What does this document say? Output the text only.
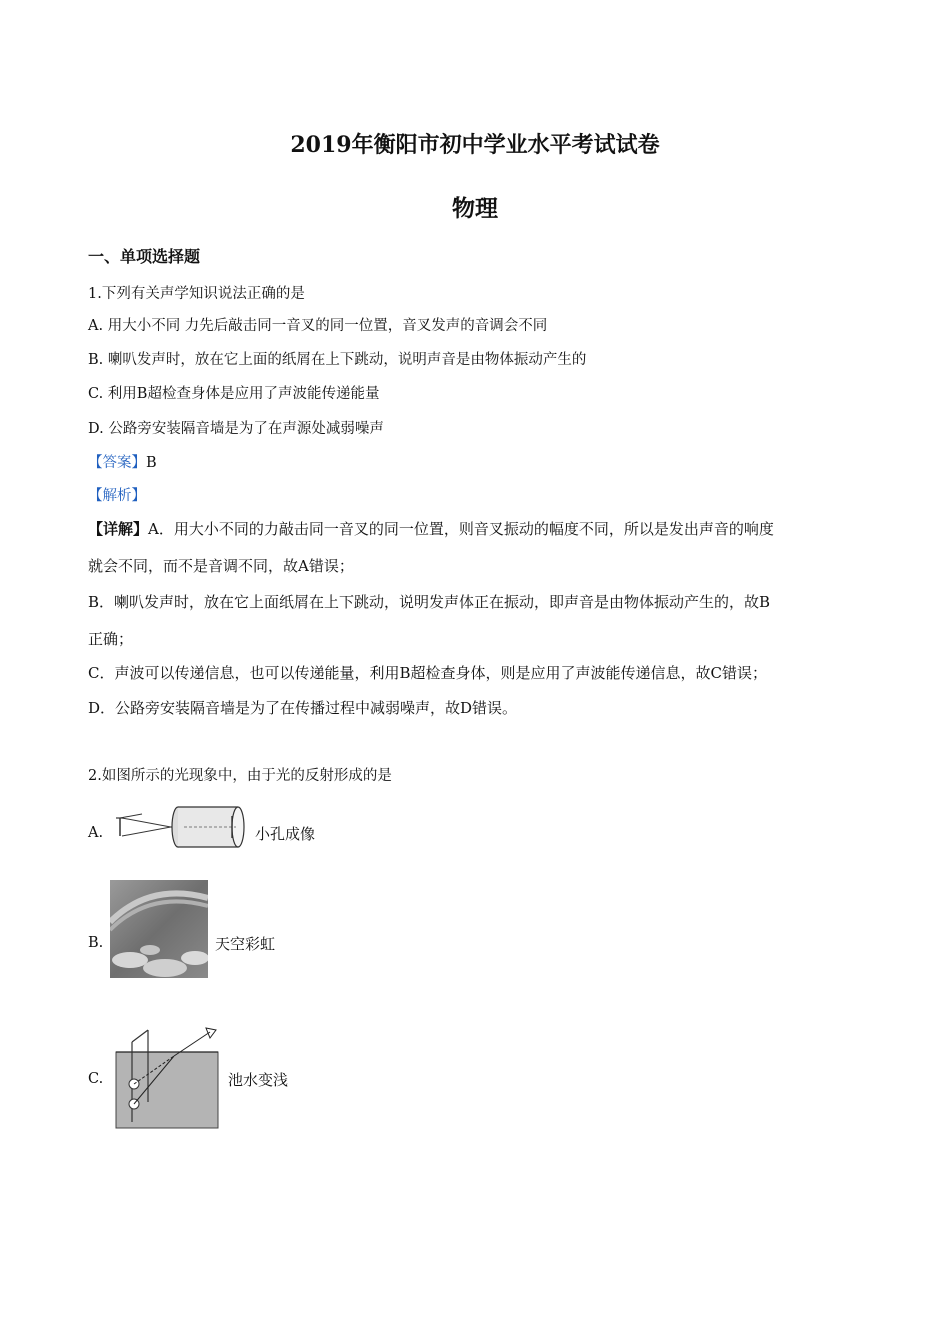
2019年衡阳市初中学业水平考试试卷
物理
一、单项选择题
1.下列有关声学知识说法正确的是
A. 用大小不同 力先后敲击同一音叉的同一位置，音叉发声的音调会不同
B. 喇叭发声时，放在它上面的纸屑在上下跳动，说明声音是由物体振动产生的
C. 利用B超检查身体是应用了声波能传递能量
D. 公路旁安装隔音墙是为了在声源处减弱噪声
【答案】B
【解析】
【详解】A．用大小不同的力敲击同一音叉的同一位置，则音叉振动的幅度不同，所以是发出声音的响度
就会不同，而不是音调不同，故A错误；
B．喇叭发声时，放在它上面纸屑在上下跳动，说明发声体正在振动，即声音是由物体振动产生的，故B
正确；
C．声波可以传递信息，也可以传递能量，利用B超检查身体，则是应用了声波能传递信息，故C错误；
D．公路旁安装隔音墙是为了在传播过程中减弱噪声，故D错误。
2.如图所示的光现象中，由于光的反射形成的是
A.	小孔成像
B.	天空彩虹
C.	池水变浅
